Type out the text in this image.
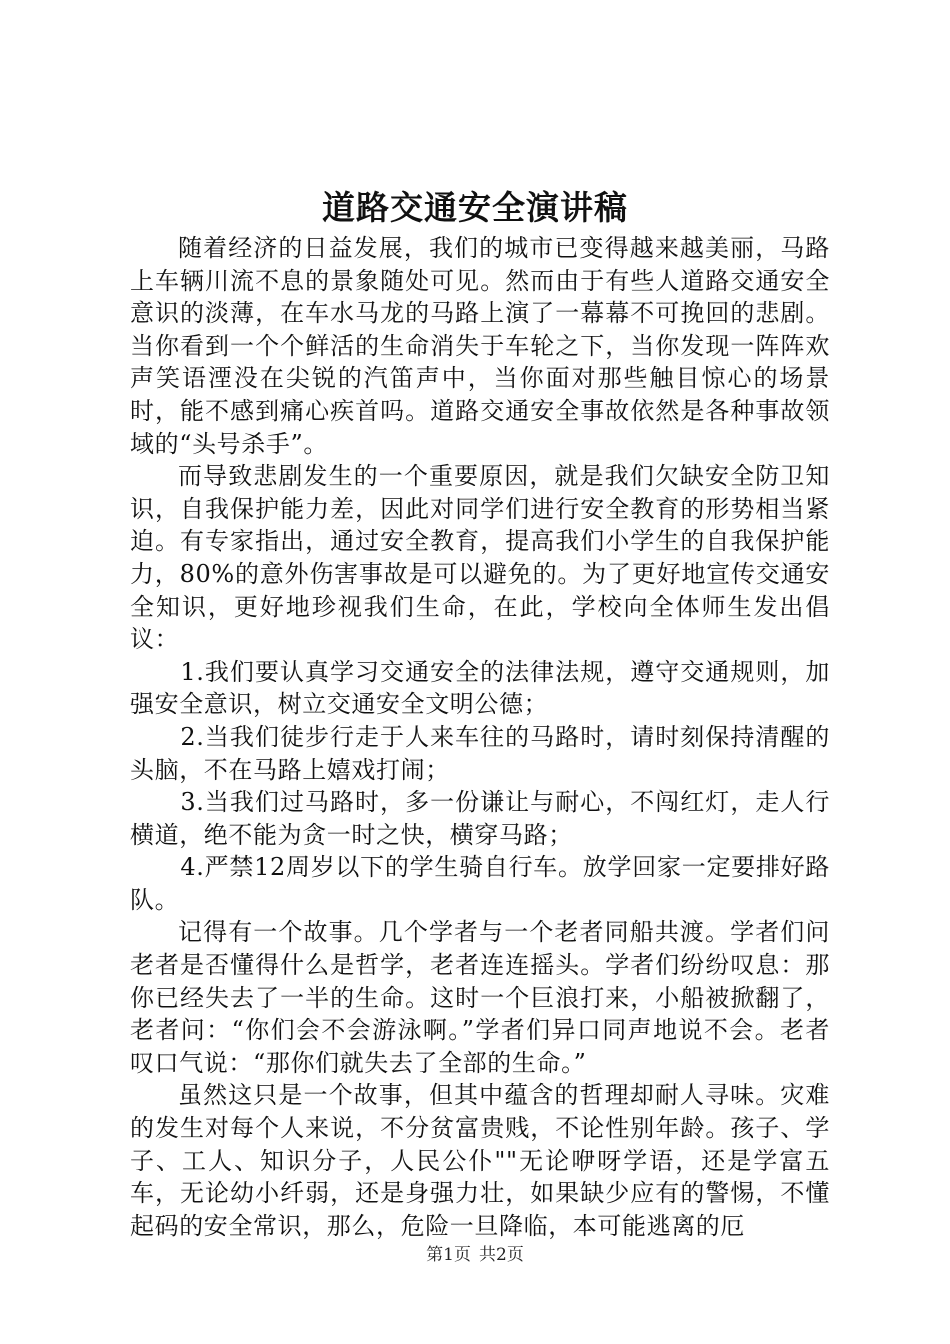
道路交通安全演讲稿

随着经济的日益发展，我们的城市已变得越来越美丽，马路上车辆川流不息的景象随处可见。然而由于有些人道路交通安全意识的淡薄，在车水马龙的马路上演了一幕幕不可挽回的悲剧。当你看到一个个鲜活的生命消失于车轮之下，当你发现一阵阵欢声笑语湮没在尖锐的汽笛声中，当你面对那些触目惊心的场景时，能不感到痛心疾首吗。道路交通安全事故依然是各种事故领域的“头号杀手”。

而导致悲剧发生的一个重要原因，就是我们欠缺安全防卫知识，自我保护能力差，因此对同学们进行安全教育的形势相当紧迫。有专家指出，通过安全教育，提高我们小学生的自我保护能力，80%的意外伤害事故是可以避免的。为了更好地宣传交通安全知识，更好地珍视我们生命，在此，学校向全体师生发出倡议：

1.我们要认真学习交通安全的法律法规，遵守交通规则，加强安全意识，树立交通安全文明公德；

2.当我们徒步行走于人来车往的马路时，请时刻保持清醒的头脑，不在马路上嬉戏打闹；

3.当我们过马路时，多一份谦让与耐心，不闯红灯，走人行横道，绝不能为贪一时之快，横穿马路；

4.严禁12周岁以下的学生骑自行车。放学回家一定要排好路队。

记得有一个故事。几个学者与一个老者同船共渡。学者们问老者是否懂得什么是哲学，老者连连摇头。学者们纷纷叹息：那你已经失去了一半的生命。这时一个巨浪打来，小船被掀翻了，老者问：“你们会不会游泳啊。”学者们异口同声地说不会。老者叹口气说：“那你们就失去了全部的生命。”

虽然这只是一个故事，但其中蕴含的哲理却耐人寻味。灾难的发生对每个人来说，不分贫富贵贱，不论性别年龄。孩子、学子、工人、知识分子，人民公仆""无论咿呀学语，还是学富五车，无论幼小纤弱，还是身强力壮，如果缺少应有的警惕，不懂起码的安全常识，那么，危险一旦降临，本可能逃离的厄

第1页 共2页
